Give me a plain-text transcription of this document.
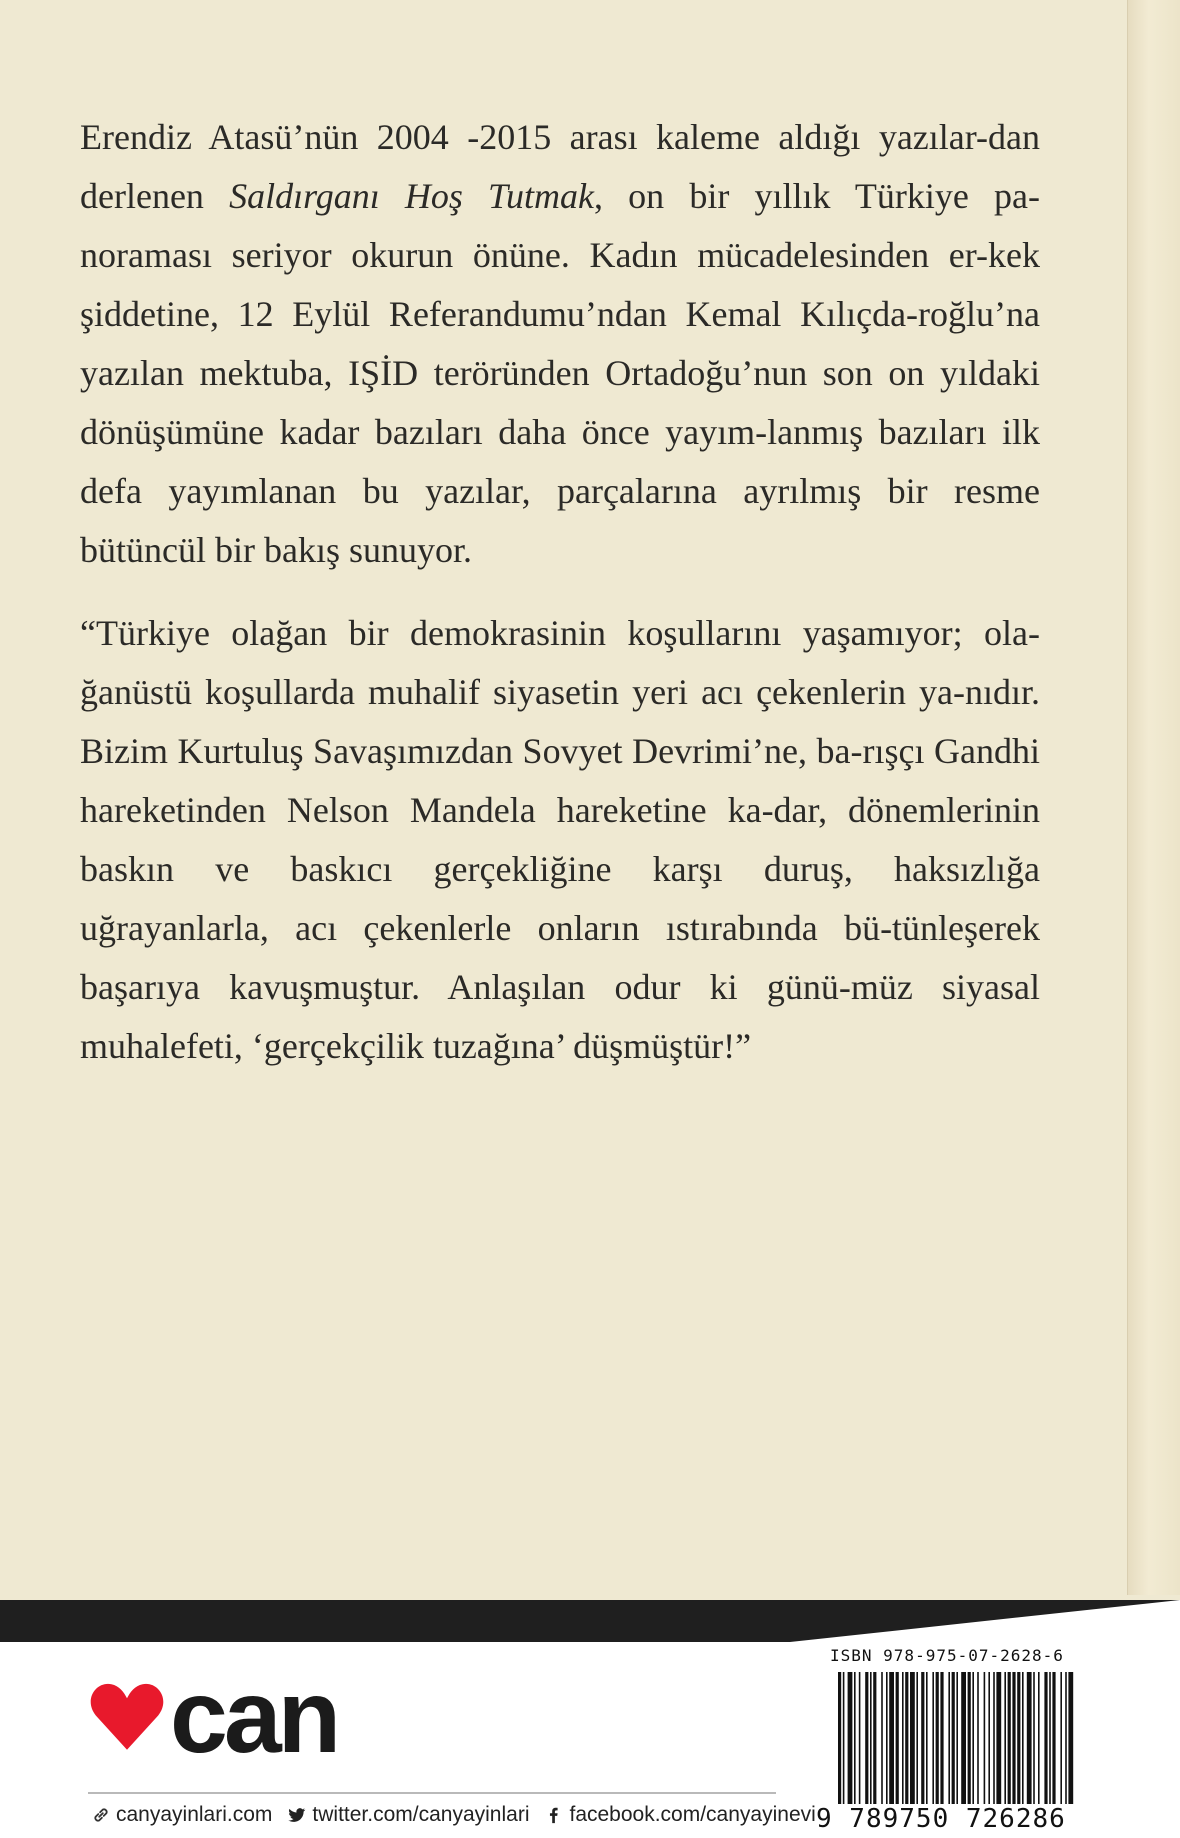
Erendiz Atasü’nün 2004 -2015 arası kaleme aldığı yazılar-dan derlenen Saldırganı Hoş Tutmak, on bir yıllık Türkiye pa-noraması seriyor okurun önüne. Kadın mücadelesinden er-kek şiddetine, 12 Eylül Referandumu’ndan Kemal Kılıçda-roğlu’na yazılan mektuba, IŞİD teröründen Ortadoğu’nun son on yıldaki dönüşümüne kadar bazıları daha önce yayım-lanmış bazıları ilk defa yayımlanan bu yazılar, parçalarına ayrılmış bir resme bütüncül bir bakış sunuyor.

“Türkiye olağan bir demokrasinin koşullarını yaşamıyor; ola-ğanüstü koşullarda muhalif siyasetin yeri acı çekenlerin ya-nıdır. Bizim Kurtuluş Savaşımızdan Sovyet Devrimi’ne, ba-rışçı Gandhi hareketinden Nelson Mandela hareketine ka-dar, dönemlerinin baskın ve baskıcı gerçekliğine karşı duruş, haksızlığa uğrayanlarla, acı çekenlerle onların ıstırabında bü-tünleşerek başarıya kavuşmuştur. Anlaşılan odur ki günü-müz siyasal muhalefeti, ‘gerçekçilik tuzağına’ düşmüştür!”

can
canyayinlari.com twitter.com/canyayinlari facebook.com/canyayinevi
ISBN 978-975-07-2628-6
9 789750 726286
